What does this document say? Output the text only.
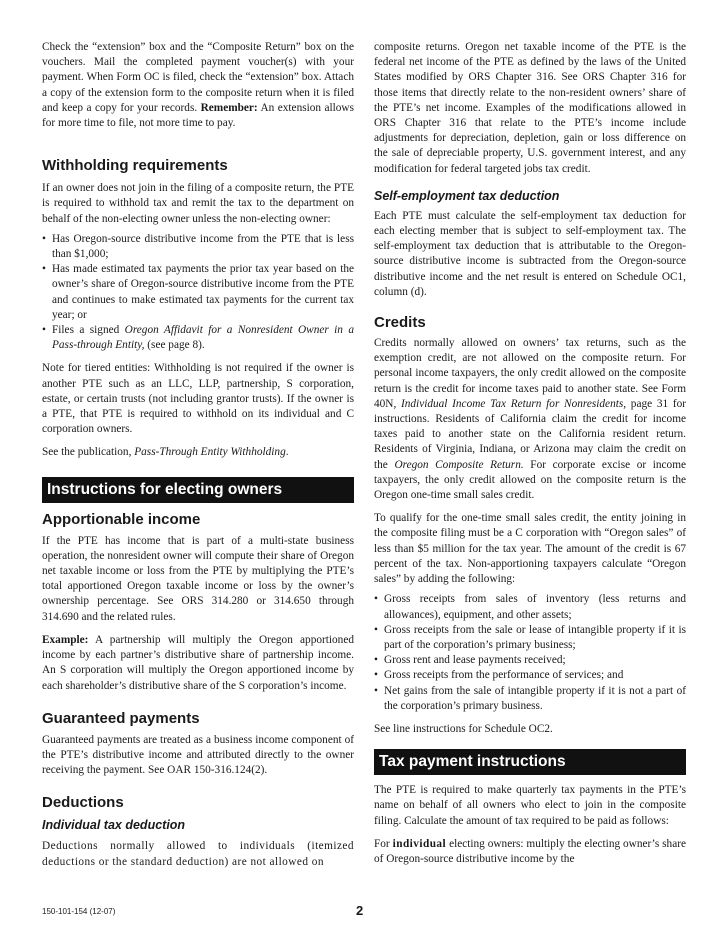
Check the “extension” box and the “Composite Return” box on the vouchers. Mail the completed payment voucher(s) with your payment. When Form OC is filed, check the “extension” box. Attach a copy of the extension form to the composite return when it is filed and keep a copy for your records. Remember: An extension allows for more time to file, not more time to pay.

Withholding requirements

If an owner does not join in the filing of a composite return, the PTE is required to withhold tax and remit the tax to the department on behalf of the non-electing owner unless the non-electing owner:

• Has Oregon-source distributive income from the PTE that is less than $1,000;
• Has made estimated tax payments the prior tax year based on the owner’s share of Oregon-source distributive income from the PTE and continues to make estimated tax payments for the current tax year; or
• Files a signed Oregon Affidavit for a Nonresident Owner in a Pass-through Entity, (see page 8).

Note for tiered entities: Withholding is not required if the owner is another PTE such as an LLC, LLP, partnership, S corporation, estate, or certain trusts (not including grantor trusts). If the owner is a PTE, that PTE is required to withhold on its individual and C corporation owners.

See the publication, Pass-Through Entity Withholding.

Instructions for electing owners
Apportionable income

If the PTE has income that is part of a multi-state business operation, the nonresident owner will compute their share of Oregon net taxable income or loss from the PTE by multiplying the PTE’s total apportioned Oregon taxable income or loss by the owner’s ownership percentage. See ORS 314.280 or 314.650 through 314.690 and the related rules.

Example: A partnership will multiply the Oregon apportioned income by each partner’s distributive share of partnership income. An S corporation will multiply the Oregon apportioned income by each shareholder’s distributive share of the S corporation’s income.

Guaranteed payments

Guaranteed payments are treated as a business income component of the PTE’s distributive income and attributed directly to the owner receiving the payment. See OAR 150-316.124(2).

Deductions
Individual tax deduction

Deductions normally allowed to individuals (itemized deductions or the standard deduction) are not allowed on

composite returns. Oregon net taxable income of the PTE is the federal net income of the PTE as defined by the laws of the United States modified by ORS Chapter 316. See ORS Chapter 316 for those items that directly relate to the non-resident owners’ share of the PTE’s net income. Examples of the modifications allowed in ORS Chapter 316 that relate to the PTE’s income include adjustments for depreciation, depletion, gain or loss difference on the sale of depreciable property, U.S. government interest, and any modification for federal targeted jobs tax credit.

Self-employment tax deduction

Each PTE must calculate the self-employment tax deduction for each electing member that is subject to self-employment tax. The self-employment tax deduction that is attributable to the Oregon-source distributive income is subtracted from the Oregon-source distributive income and the net result is entered on Schedule OC1, column (d).

Credits

Credits normally allowed on owners’ tax returns, such as the exemption credit, are not allowed on the composite return. For personal income taxpayers, the only credit allowed on the composite return is the credit for income taxes paid to another state. See Form 40N, Individual Income Tax Return for Nonresidents, page 31 for instructions. Residents of California claim the credit for income taxes paid to another state on the California resident return. Residents of Virginia, Indiana, or Arizona may claim the credit on the Oregon Composite Return. For corporate excise or income taxpayers, the only credit allowed on the composite return is the Oregon one-time small sales credit.

To qualify for the one-time small sales credit, the entity joining in the composite filing must be a C corporation with “Oregon sales” of less than $5 million for the tax year. The amount of the credit is 67 percent of the tax. Non-apportioning taxpayers calculate “Oregon sales” by adding the following:

• Gross receipts from sales of inventory (less returns and allowances), equipment, and other assets;
• Gross receipts from the sale or lease of intangible property if it is part of the corporation’s primary business;
• Gross rent and lease payments received;
• Gross receipts from the performance of services; and
• Net gains from the sale of intangible property if it is not a part of the corporation’s primary business.

See line instructions for Schedule OC2.

Tax payment instructions

The PTE is required to make quarterly tax payments in the PTE’s name on behalf of all owners who elect to join in the composite filing. Calculate the amount of tax required to be paid as follows:

For individual electing owners: multiply the electing owner’s share of Oregon-source distributive income by the

150-101-154 (12-07)	2
